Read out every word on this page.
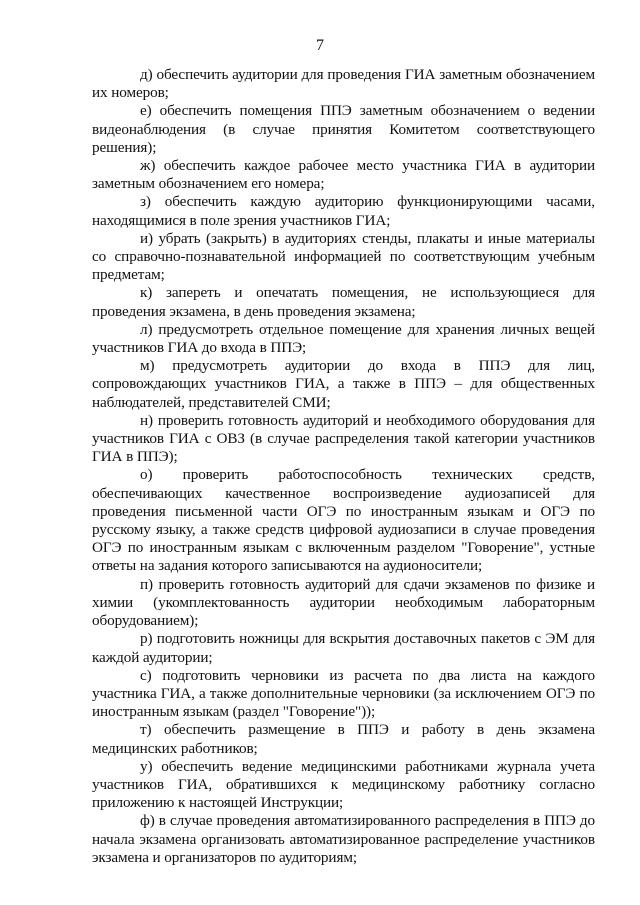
7

д) обеспечить аудитории для проведения ГИА заметным обозначением их номеров;

е) обеспечить помещения ППЭ заметным обозначением о ведении видеонаблюдения (в случае принятия Комитетом соответствующего решения);

ж) обеспечить каждое рабочее место участника ГИА в аудитории заметным обозначением его номера;

з) обеспечить каждую аудиторию функционирующими часами, находящимися в поле зрения участников ГИА;

и) убрать (закрыть) в аудиториях стенды, плакаты и иные материалы со справочно-познавательной информацией по соответствующим учебным предметам;

к) запереть и опечатать помещения, не использующиеся для проведения экзамена, в день проведения экзамена;

л) предусмотреть отдельное помещение для хранения личных вещей участников ГИА до входа в ППЭ;

м) предусмотреть аудитории до входа в ППЭ для лиц, сопровождающих участников ГИА, а также в ППЭ – для общественных наблюдателей, представителей СМИ;

н) проверить готовность аудиторий и необходимого оборудования для участников ГИА с ОВЗ (в случае распределения такой категории участников ГИА в ППЭ);

о) проверить работоспособность технических средств, обеспечивающих качественное воспроизведение аудиозаписей для проведения письменной части ОГЭ по иностранным языкам и ОГЭ по русскому языку, а также средств цифровой аудиозаписи в случае проведения ОГЭ по иностранным языкам с включенным разделом "Говорение", устные ответы на задания которого записываются на аудионосители;

п) проверить готовность аудиторий для сдачи экзаменов по физике и химии (укомплектованность аудитории необходимым лабораторным оборудованием);

р) подготовить ножницы для вскрытия доставочных пакетов с ЭМ для каждой аудитории;

с) подготовить черновики из расчета по два листа на каждого участника ГИА, а также дополнительные черновики (за исключением ОГЭ по иностранным языкам (раздел "Говорение"));

т) обеспечить размещение в ППЭ и работу в день экзамена медицинских работников;

у) обеспечить ведение медицинскими работниками журнала учета участников ГИА, обратившихся к медицинскому работнику согласно приложению к настоящей Инструкции;

ф) в случае проведения автоматизированного распределения в ППЭ до начала экзамена организовать автоматизированное распределение участников экзамена и организаторов по аудиториям;
